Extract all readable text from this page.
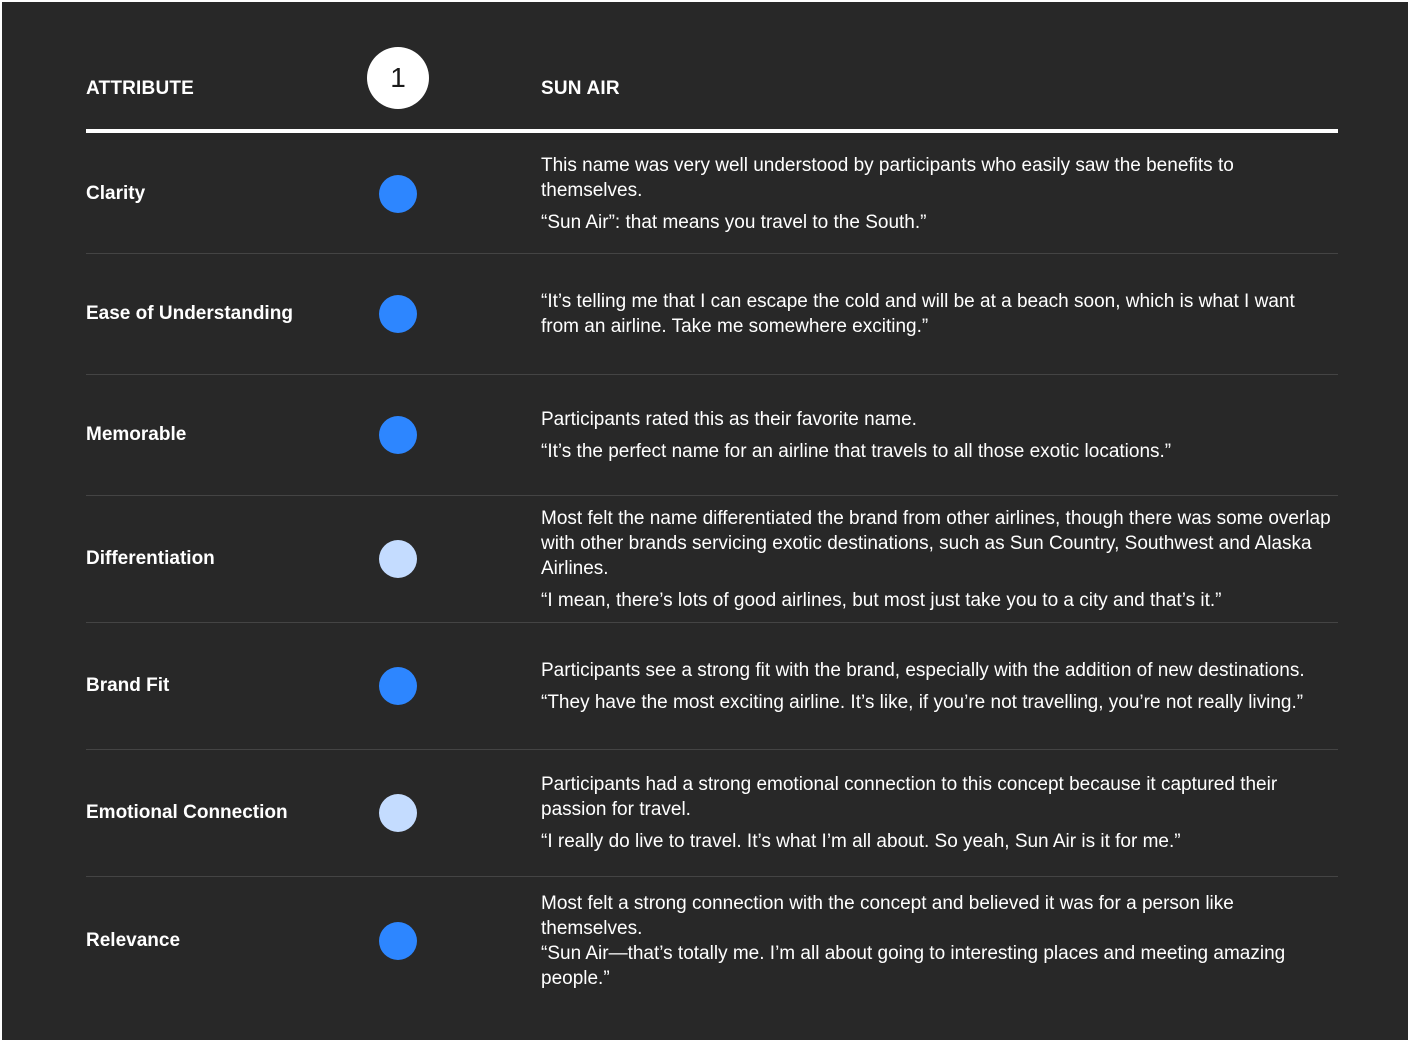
ATTRIBUTE	1	SUN AIR
Clarity

This name was very well understood by participants who easily saw the benefits to themselves.

“Sun Air”: that means you travel to the South.”

Ease of Understanding

“It’s telling me that I can escape the cold and will be at a beach soon, which is what I want from an airline. Take me somewhere exciting.”

Memorable

Participants rated this as their favorite name.

“It’s the perfect name for an airline that travels to all those exotic locations.”

Differentiation

Most felt the name differentiated the brand from other airlines, though there was some overlap with other brands servicing exotic destinations, such as Sun Country, Southwest and Alaska Airlines.

“I mean, there’s lots of good airlines, but most just take you to a city and that’s it.”

Brand Fit

Participants see a strong fit with the brand, especially with the addition of new destinations.

“They have the most exciting airline. It’s like, if you’re not travelling, you’re not really living.”

Emotional Connection

Participants had a strong emotional connection to this concept because it captured their passion for travel.

“I really do live to travel. It’s what I’m all about. So yeah, Sun Air is it for me.”

Relevance

Most felt a strong connection with the concept and believed it was for a person like themselves.

“Sun Air—that’s totally me. I’m all about going to interesting places and meeting amazing people.”
